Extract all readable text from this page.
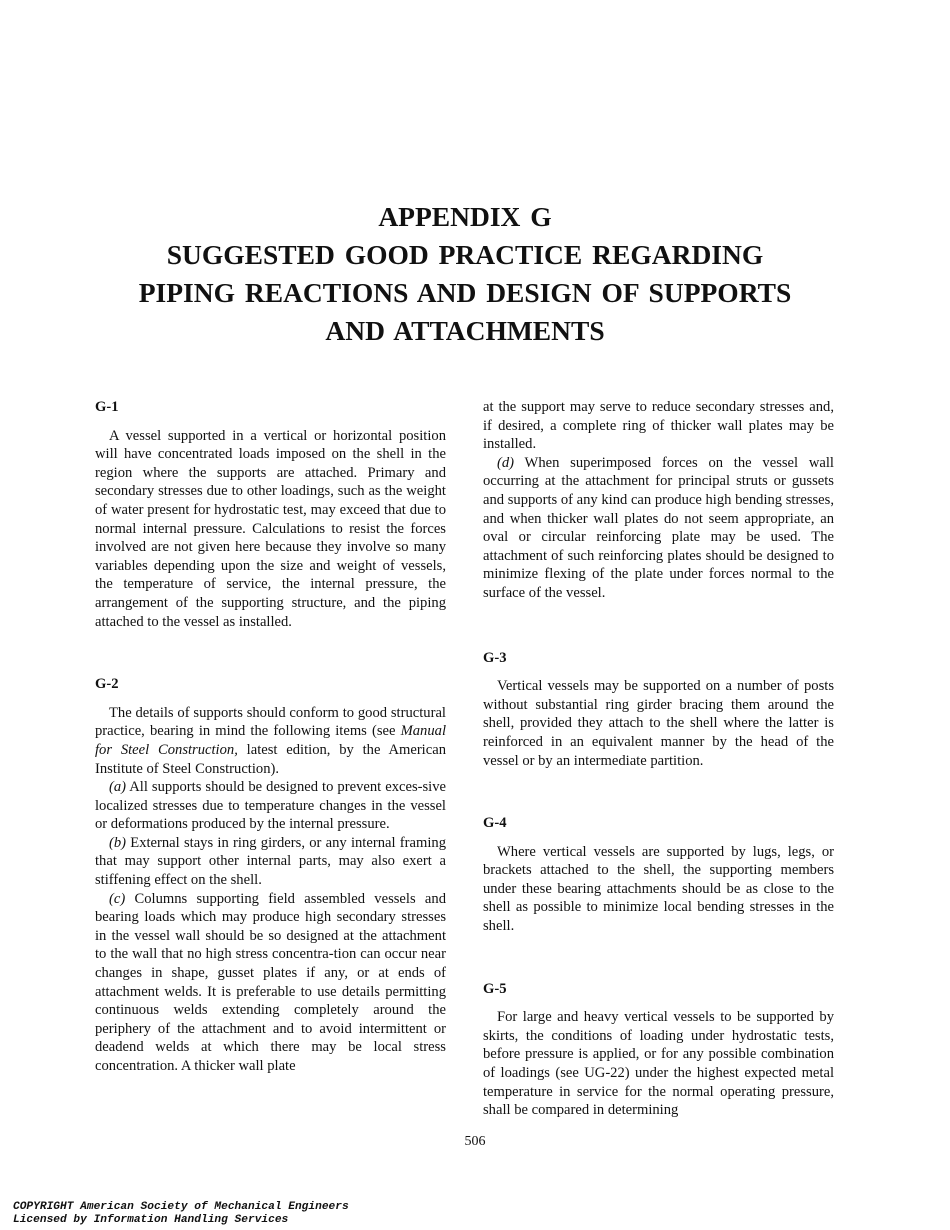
APPENDIX G
SUGGESTED GOOD PRACTICE REGARDING
PIPING REACTIONS AND DESIGN OF SUPPORTS
AND ATTACHMENTS

G-1

A vessel supported in a vertical or horizontal position will have concentrated loads imposed on the shell in the region where the supports are attached. Primary and secondary stresses due to other loadings, such as the weight of water present for hydrostatic test, may exceed that due to normal internal pressure. Calculations to resist the forces involved are not given here because they involve so many variables depending upon the size and weight of vessels, the temperature of service, the internal pressure, the arrangement of the supporting structure, and the piping attached to the vessel as installed.

G-2

The details of supports should conform to good structural practice, bearing in mind the following items (see Manual for Steel Construction, latest edition, by the American Institute of Steel Construction).

(a) All supports should be designed to prevent exces-sive localized stresses due to temperature changes in the vessel or deformations produced by the internal pressure.

(b) External stays in ring girders, or any internal framing that may support other internal parts, may also exert a stiffening effect on the shell.

(c) Columns supporting field assembled vessels and bearing loads which may produce high secondary stresses in the vessel wall should be so designed at the attachment to the wall that no high stress concentra-tion can occur near changes in shape, gusset plates if any, or at ends of attachment welds. It is preferable to use details permitting continuous welds extending completely around the periphery of the attachment and to avoid intermittent or deadend welds at which there may be local stress concentration. A thicker wall plate

at the support may serve to reduce secondary stresses and, if desired, a complete ring of thicker wall plates may be installed.

(d) When superimposed forces on the vessel wall occurring at the attachment for principal struts or gussets and supports of any kind can produce high bending stresses, and when thicker wall plates do not seem appropriate, an oval or circular reinforcing plate may be used. The attachment of such reinforcing plates should be designed to minimize flexing of the plate under forces normal to the surface of the vessel.

G-3

Vertical vessels may be supported on a number of posts without substantial ring girder bracing them around the shell, provided they attach to the shell where the latter is reinforced in an equivalent manner by the head of the vessel or by an intermediate partition.

G-4

Where vertical vessels are supported by lugs, legs, or brackets attached to the shell, the supporting members under these bearing attachments should be as close to the shell as possible to minimize local bending stresses in the shell.

G-5

For large and heavy vertical vessels to be supported by skirts, the conditions of loading under hydrostatic tests, before pressure is applied, or for any possible combination of loadings (see UG-22) under the highest expected metal temperature in service for the normal operating pressure, shall be compared in determining

506
COPYRIGHT American Society of Mechanical Engineers
Licensed by Information Handling Services
